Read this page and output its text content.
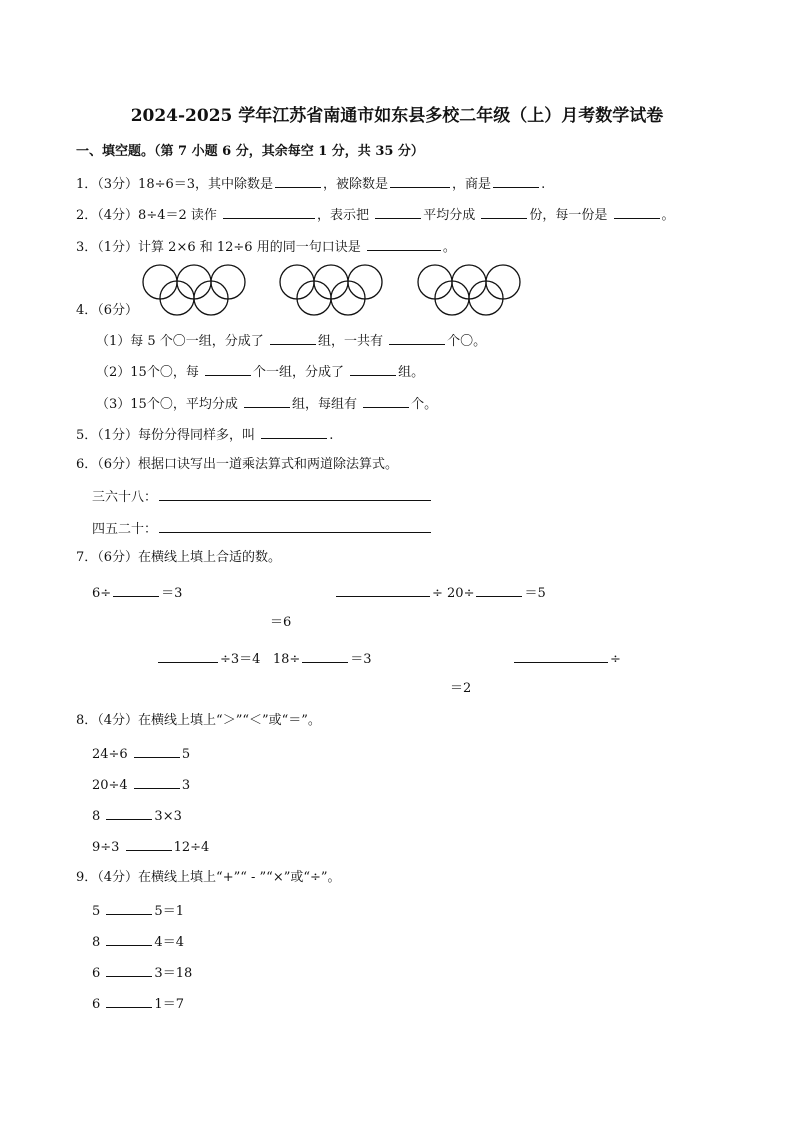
2024-2025 学年江苏省南通市如东县多校二年级（上）月考数学试卷
一、填空题。（第 7 小题 6 分，其余每空 1 分，共 35 分）
1．（3分）18÷6＝3，其中除数是	，被除数是	，商是	.
2．（4分）8÷4＝2 读作	，表示把	平均分成	份，每一份是	。
3．（1分）计算 2×6 和 12÷6 用的同一句口诀是	。
4．（6分）
（1）每 5 个〇一组，分成了	组，一共有	个〇。
（2）15个〇，每	个一组，分成了	组。
（3）15个〇，平均分成	组，每组有	个。
5．（1分）每份分得同样多，叫	.
6．（6分）根据口诀写出一道乘法算式和两道除法算式。
三六十八：
四五二十：
7．（6分）在横线上填上合适的数。
6÷	＝3	÷ 20÷	＝5
＝6
÷3＝4 18÷	＝3	÷
＝2
8．（4分）在横线上填上“＞”“＜”或“＝”。
24÷6	5
20÷4	3
8	3×3
9÷3	12÷4
9．（4分）在横线上填上“+”“ - ”“×”或“÷”。
5	5＝1
8	4＝4
6	3＝18
6	1＝7
